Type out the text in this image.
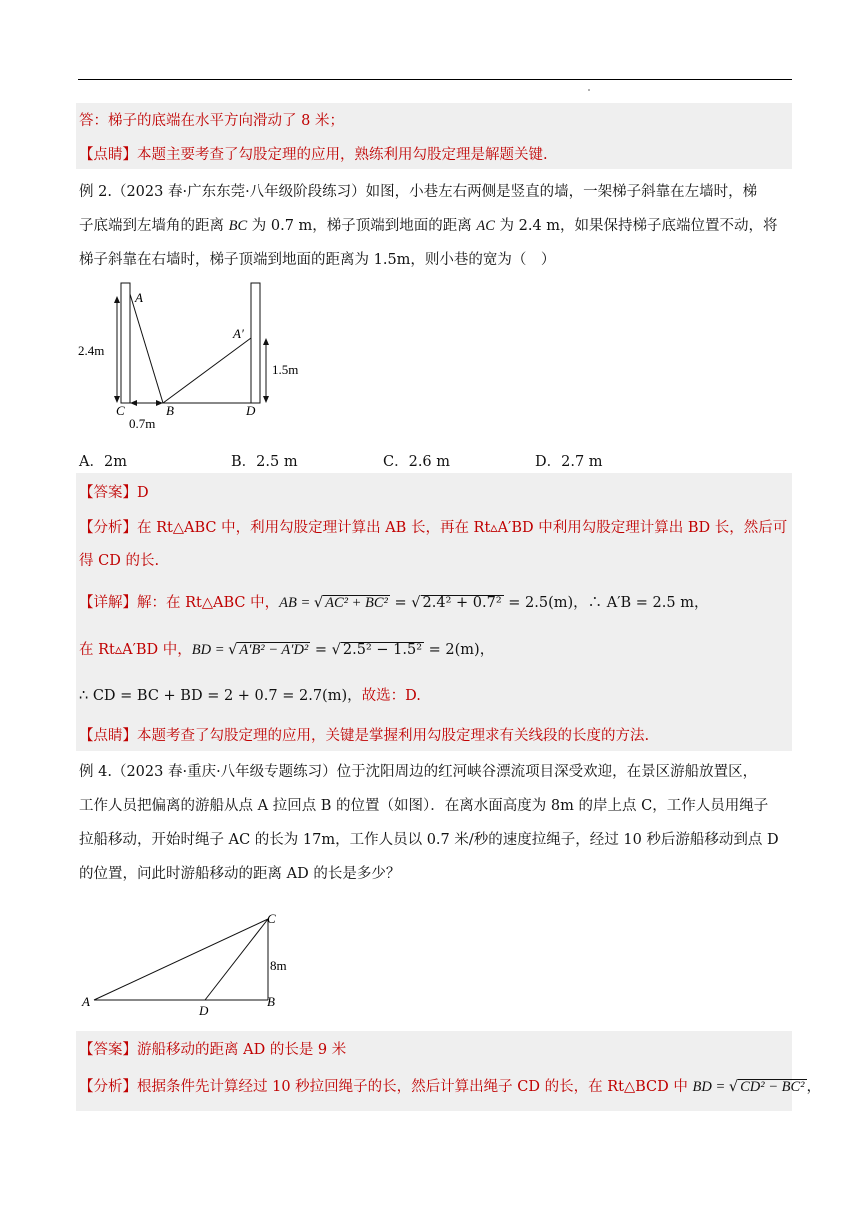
答：梯子的底端在水平方向滑动了 8 米；
【点睛】本题主要考查了勾股定理的应用，熟练利用勾股定理是解题关键.
例 2.（2023 春·广东东莞·八年级阶段练习）如图，小巷左右两侧是竖直的墙，一架梯子斜靠在左墙时，梯
子底端到左墙角的距离 BC 为 0.7 m，梯子顶端到地面的距离 AC 为 2.4 m，如果保持梯子底端位置不动，将
梯子斜靠在右墙时，梯子顶端到地面的距离为 1.5m，则小巷的宽为（　）
A
A′
B
C	D
2.4m
1.5m
0.7m
A．2m	B．2.5 m	C．2.6 m	D．2.7 m
【答案】D
【分析】在 Rt△ABC 中，利用勾股定理计算出 AB 长，再在 Rt▵A′BD 中利用勾股定理计算出 BD 长，然后可
得 CD 的长.
【详解】解：在 Rt△ABC 中，AB = √ AC² + BC² = √ 2.4² + 0.7² = 2.5(m)，∴ A′B = 2.5 m，
在 Rt▵A′BD 中，BD = √ A′B² − A′D² = √ 2.5² − 1.5² = 2(m)，
∴ CD = BC + BD = 2 + 0.7 = 2.7(m)，故选：D.
【点睛】本题考查了勾股定理的应用，关键是掌握利用勾股定理求有关线段的长度的方法.
例 4.（2023 春·重庆·八年级专题练习）位于沈阳周边的红河峡谷漂流项目深受欢迎，在景区游船放置区，
工作人员把偏离的游船从点 A 拉回点 B 的位置（如图）．在离水面高度为 8m 的岸上点 C，工作人员用绳子
拉船移动，开始时绳子 AC 的长为 17m，工作人员以 0.7 米/秒的速度拉绳子，经过 10 秒后游船移动到点 D
的位置，问此时游船移动的距离 AD 的长是多少？
A	B
C
D
8m
【答案】游船移动的距离 AD 的长是 9 米
【分析】根据条件先计算经过 10 秒拉回绳子的长，然后计算出绳子 CD 的长，在 Rt△BCD 中 BD = √ CD² − BC² ，
